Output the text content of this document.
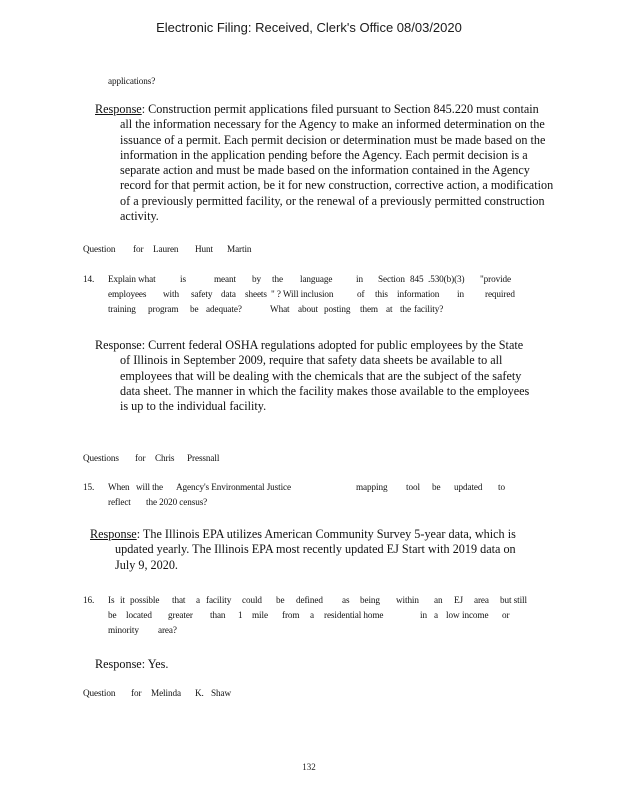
Electronic Filing: Received, Clerk's Office 08/03/2020
applications?
Response: Construction permit applications filed pursuant to Section 845.220 must contain
all the information necessary for the Agency to make an informed determination on the
issuance of a permit. Each permit decision or determination must be made based on the
information in the application pending before the Agency. Each permit decision is a
separate action and must be made based on the information contained in the Agency
record for that permit action, be it for new construction, corrective action, a modification
of a previously permitted facility, or the renewal of a previously permitted construction
activity.
Question for Lauren Hunt Martin
14. Explain what	is	meant	by	the	language	in	Section 845 .530(b)(3)	"provide
employees	with	safety data sheets " ? Will inclusion	of	this information	in	required
training	program	be adequate?	What about posting	them at the facility?
Response: Current federal OSHA regulations adopted for public employees by the State
of Illinois in September 2009, require that safety data sheets be available to all
employees that will be dealing with the chemicals that are the subject of the safety
data sheet. The manner in which the facility makes those available to the employees
is up to the individual facility.
Questions for Chris Pressnall
15. When will the	Agency's Environmental Justice	mapping	tool	be	updated	to
reflect	the 2020 census?
Response: The Illinois EPA utilizes American Community Survey 5-year data, which is
updated yearly. The Illinois EPA most recently updated EJ Start with 2019 data on
July 9, 2020.
16. Is it possible	that	a facility	could	be	defined	as	being	within	an	EJ	area	but still
be	located	greater	than	1	mile	from	a	residential home	in a low income	or
minority	area?
Response: Yes.
Question for Melinda K. Shaw
132
